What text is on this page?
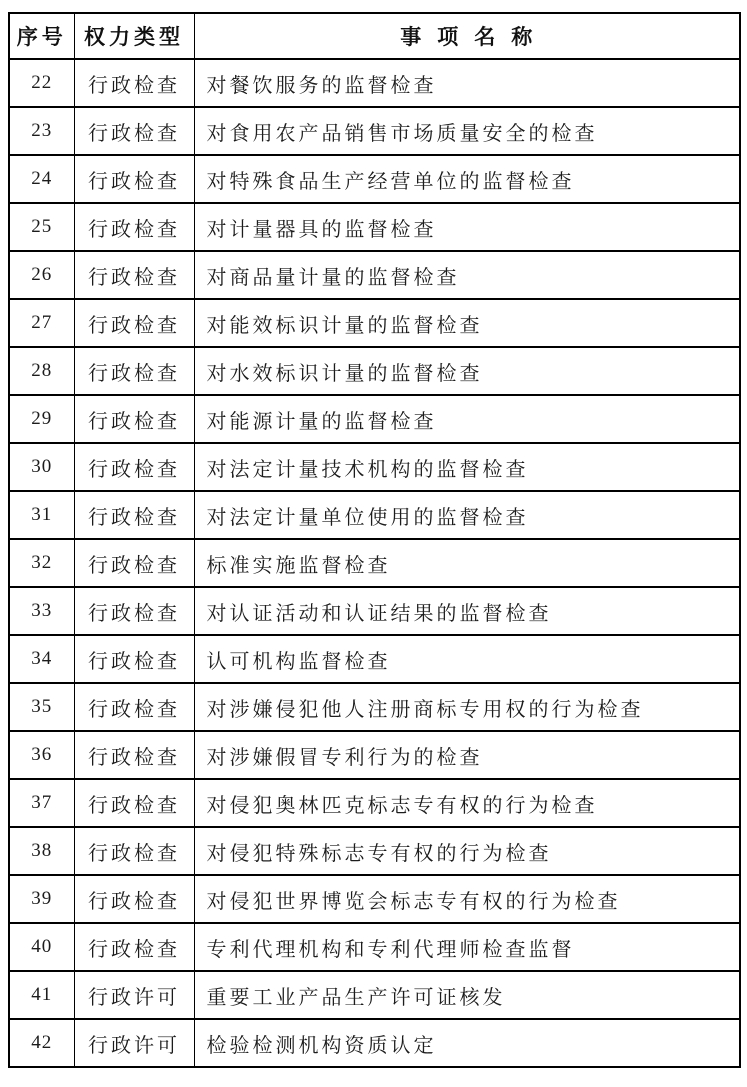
序号	权力类型	事项名称
22	行政检查	对餐饮服务的监督检查
23	行政检查	对食用农产品销售市场质量安全的检查
24	行政检查	对特殊食品生产经营单位的监督检查
25	行政检查	对计量器具的监督检查
26	行政检查	对商品量计量的监督检查
27	行政检查	对能效标识计量的监督检查
28	行政检查	对水效标识计量的监督检查
29	行政检查	对能源计量的监督检查
30	行政检查	对法定计量技术机构的监督检查
31	行政检查	对法定计量单位使用的监督检查
32	行政检查	标准实施监督检查
33	行政检查	对认证活动和认证结果的监督检查
34	行政检查	认可机构监督检查
35	行政检查	对涉嫌侵犯他人注册商标专用权的行为检查
36	行政检查	对涉嫌假冒专利行为的检查
37	行政检查	对侵犯奥林匹克标志专有权的行为检查
38	行政检查	对侵犯特殊标志专有权的行为检查
39	行政检查	对侵犯世界博览会标志专有权的行为检查
40	行政检查	专利代理机构和专利代理师检查监督
41	行政许可	重要工业产品生产许可证核发
42	行政许可	检验检测机构资质认定
